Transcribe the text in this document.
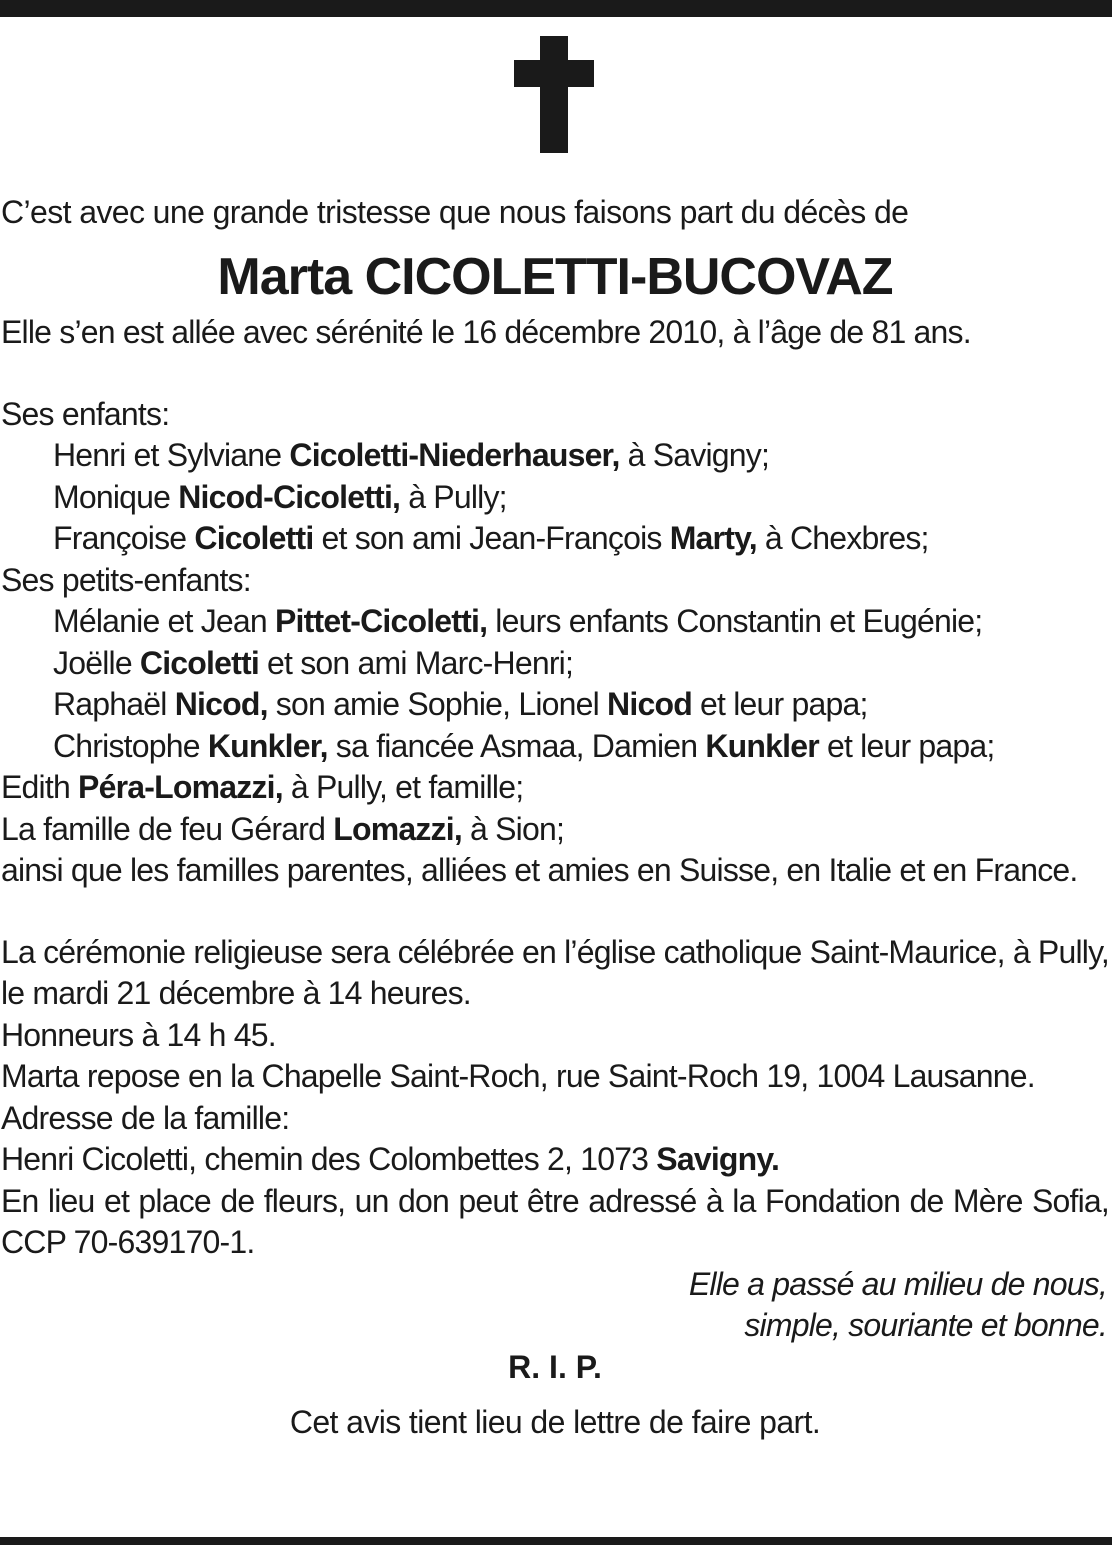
C’est avec une grande tristesse que nous faisons part du décès de
Marta CICOLETTI-BUCOVAZ
Elle s’en est allée avec sérénité le 16 décembre 2010, à l’âge de 81 ans.
Ses enfants:
Henri et Sylviane Cicoletti-Niederhauser, à Savigny;
Monique Nicod-Cicoletti, à Pully;
Françoise Cicoletti et son ami Jean-François Marty, à Chexbres;
Ses petits-enfants:
Mélanie et Jean Pittet-Cicoletti, leurs enfants Constantin et Eugénie;
Joëlle Cicoletti et son ami Marc-Henri;
Raphaël Nicod, son amie Sophie, Lionel Nicod et leur papa;
Christophe Kunkler, sa fiancée Asmaa, Damien Kunkler et leur papa;
Edith Péra-Lomazzi, à Pully, et famille;
La famille de feu Gérard Lomazzi, à Sion;
ainsi que les familles parentes, alliées et amies en Suisse, en Italie et en France.
La cérémonie religieuse sera célébrée en l’église catholique Saint-Maurice, à Pully, le mardi 21 décembre à 14 heures.
Honneurs à 14 h 45.
Marta repose en la Chapelle Saint-Roch, rue Saint-Roch 19, 1004 Lausanne.
Adresse de la famille:
Henri Cicoletti, chemin des Colombettes 2, 1073 Savigny.
En lieu et place de fleurs, un don peut être adressé à la Fondation de Mère Sofia, CCP 70-639170-1.
Elle a passé au milieu de nous,
simple, souriante et bonne.
R. I. P.
Cet avis tient lieu de lettre de faire part.
